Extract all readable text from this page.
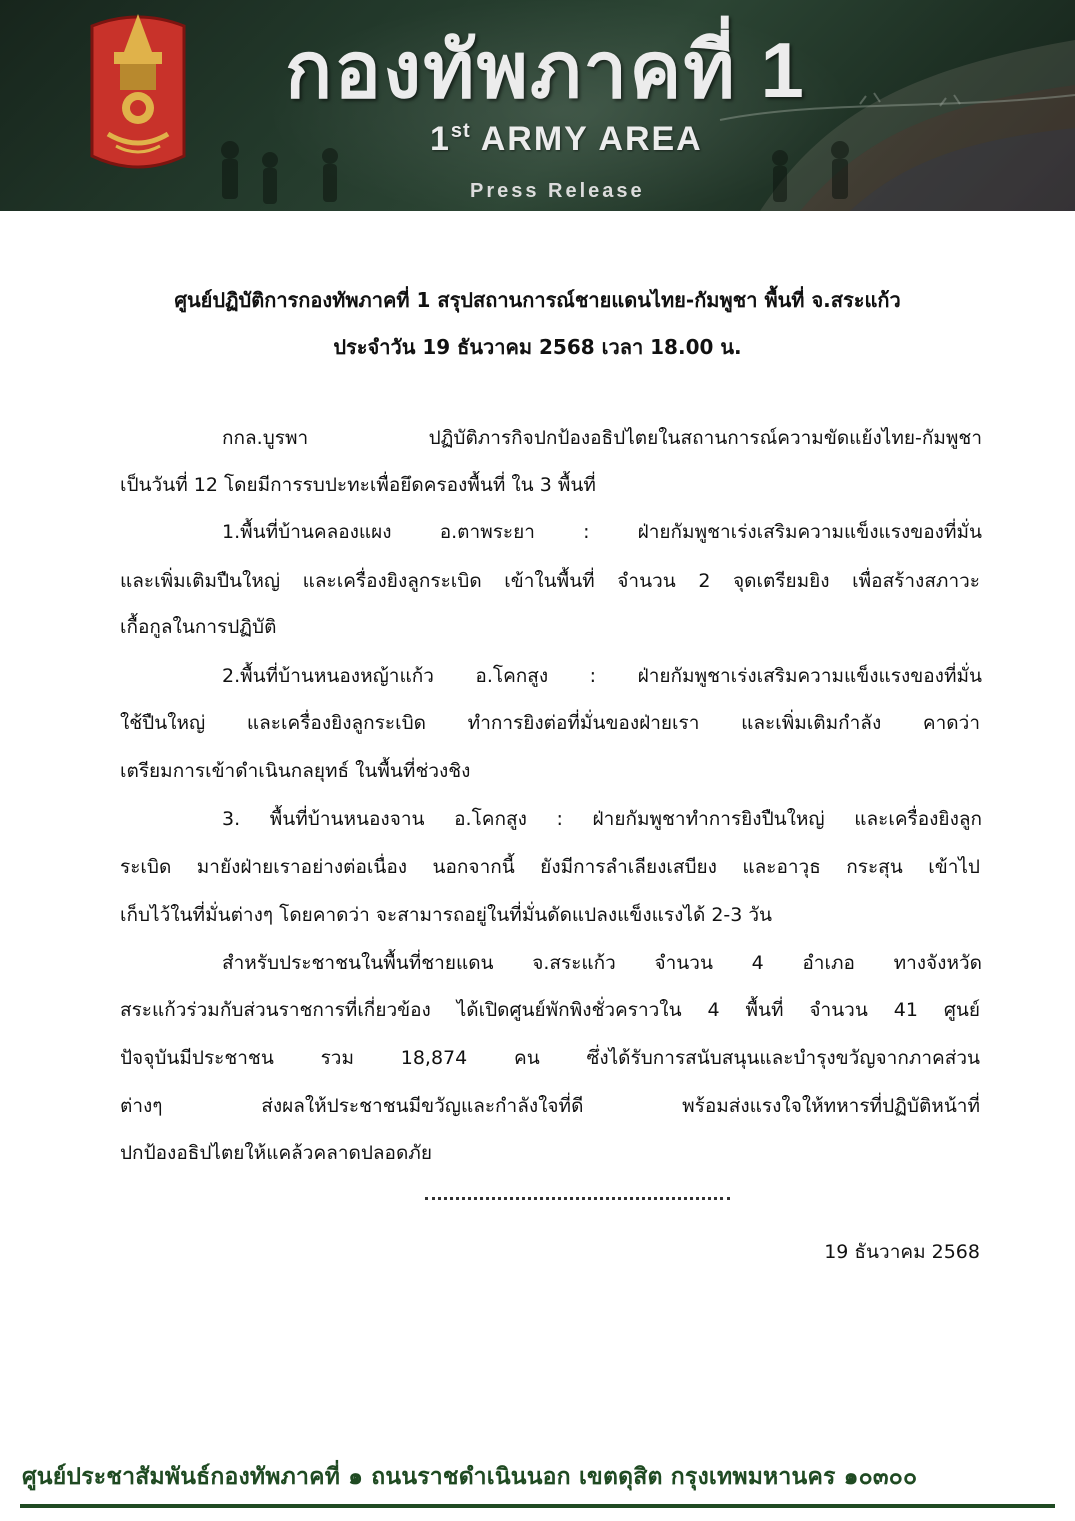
กองทัพภาคที่ 1
1st ARMY AREA
Press Release
ศูนย์ปฏิบัติการกองทัพภาคที่ 1 สรุปสถานการณ์ชายแดนไทย-กัมพูชา พื้นที่ จ.สระแก้ว
ประจำวัน 19 ธันวาคม 2568 เวลา 18.00 น.
กกล.บูรพา ปฏิบัติภารกิจปกป้องอธิปไตยในสถานการณ์ความขัดแย้งไทย-กัมพูชา
เป็นวันที่ 12 โดยมีการรบปะทะเพื่อยึดครองพื้นที่ ใน 3 พื้นที่
1.พื้นที่บ้านคลองแผง อ.ตาพระยา : ฝ่ายกัมพูชาเร่งเสริมความแข็งแรงของที่มั่น
และเพิ่มเติมปืนใหญ่ และเครื่องยิงลูกระเบิด เข้าในพื้นที่ จำนวน 2 จุดเตรียมยิง เพื่อสร้างสภาวะ
เกื้อกูลในการปฏิบัติ
2.พื้นที่บ้านหนองหญ้าแก้ว อ.โคกสูง : ฝ่ายกัมพูชาเร่งเสริมความแข็งแรงของที่มั่น
ใช้ปืนใหญ่ และเครื่องยิงลูกระเบิด ทำการยิงต่อที่มั่นของฝ่ายเรา และเพิ่มเติมกำลัง คาดว่า
เตรียมการเข้าดำเนินกลยุทธ์ ในพื้นที่ช่วงชิง
3. พื้นที่บ้านหนองจาน อ.โคกสูง : ฝ่ายกัมพูชาทำการยิงปืนใหญ่ และเครื่องยิงลูก
ระเบิด มายังฝ่ายเราอย่างต่อเนื่อง นอกจากนี้ ยังมีการลำเลียงเสบียง และอาวุธ กระสุน เข้าไป
เก็บไว้ในที่มั่นต่างๆ โดยคาดว่า จะสามารถอยู่ในที่มั่นดัดแปลงแข็งแรงได้ 2-3 วัน
สำหรับประชาชนในพื้นที่ชายแดน จ.สระแก้ว จำนวน 4 อำเภอ ทางจังหวัด
สระแก้วร่วมกับส่วนราชการที่เกี่ยวข้อง ได้เปิดศูนย์พักพิงชั่วคราวใน 4 พื้นที่ จำนวน 41 ศูนย์
ปัจจุบันมีประชาชน รวม 18,874 คน ซึ่งได้รับการสนับสนุนและบำรุงขวัญจากภาคส่วน
ต่างๆ ส่งผลให้ประชาชนมีขวัญและกำลังใจที่ดี พร้อมส่งแรงใจให้ทหารที่ปฏิบัติหน้าที่
ปกป้องอธิปไตยให้แคล้วคลาดปลอดภัย
19 ธันวาคม 2568
ศูนย์ประชาสัมพันธ์กองทัพภาคที่ ๑ ถนนราชดำเนินนอก เขตดุสิต กรุงเทพมหานคร ๑๐๓๐๐
